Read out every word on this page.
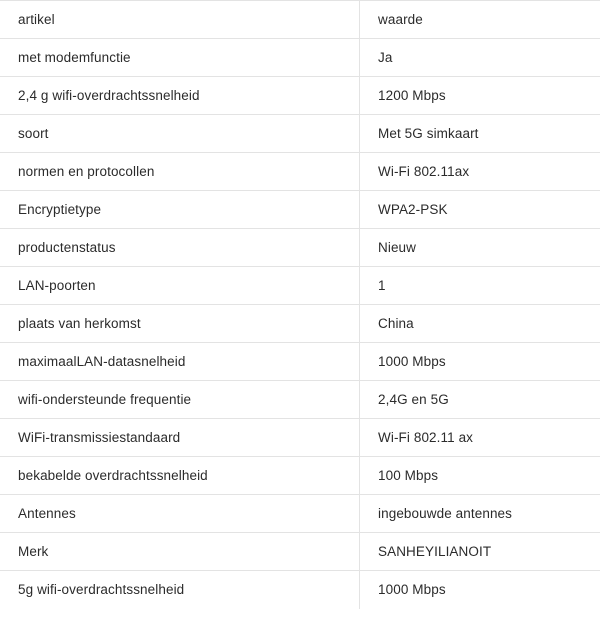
artikel	waarde
met modemfunctie	Ja
2,4 g wifi-overdrachtssnelheid	1200 Mbps
soort	Met 5G simkaart
normen en protocollen	Wi-Fi 802.11ax
Encryptietype	WPA2-PSK
productenstatus	Nieuw
LAN-poorten	1
plaats van herkomst	China
maximaalLAN-datasnelheid	1000 Mbps
wifi-ondersteunde frequentie	2,4G en 5G
WiFi-transmissiestandaard	Wi-Fi 802.11 ax
bekabelde overdrachtssnelheid	100 Mbps
Antennes	ingebouwde antennes
Merk	SANHEYILIANOIT
5g wifi-overdrachtssnelheid	1000 Mbps
